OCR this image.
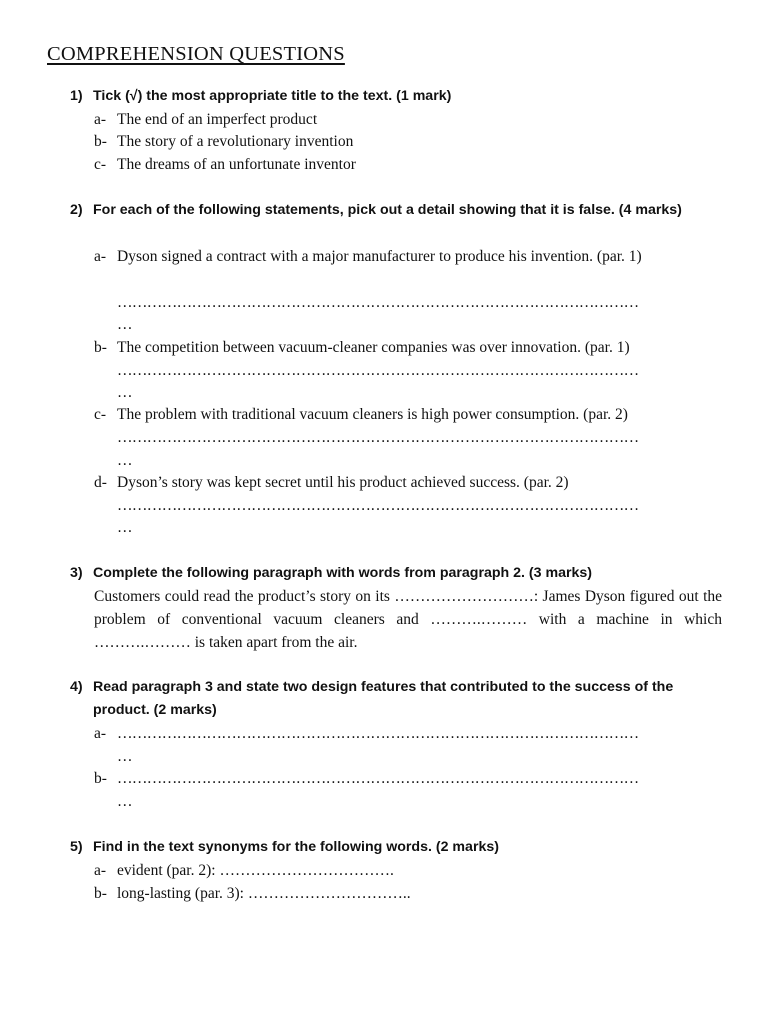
COMPREHENSION QUESTIONS
1) Tick (√) the most appropriate title to the text. (1 mark)
a- The end of an imperfect product
b- The story of a revolutionary invention
c- The dreams of an unfortunate inventor
2) For each of the following statements, pick out a detail showing that it is false. (4 marks)
a- Dyson signed a contract with a major manufacturer to produce his invention. (par. 1)
……………………………………………………………………………………………
…
b- The competition between vacuum-cleaner companies was over innovation. (par. 1)
……………………………………………………………………………………………
…
c- The problem with traditional vacuum cleaners is high power consumption. (par. 2)
……………………………………………………………………………………………
…
d- Dyson’s story was kept secret until his product achieved success. (par. 2)
……………………………………………………………………………………………
…
3) Complete the following paragraph with words from paragraph 2. (3 marks)
Customers could read the product’s story on its ………………………: James Dyson figured out the problem of conventional vacuum cleaners and ……….……… with a machine in which ……….……… is taken apart from the air.
4) Read paragraph 3 and state two design features that contributed to the success of the product. (2 marks)
a- ……………………………………………………………………………………………
…
b- ……………………………………………………………………………………………
…
5) Find in the text synonyms for the following words. (2 marks)
a- evident (par. 2): …………………………….
b- long-lasting (par. 3): …………………………..
